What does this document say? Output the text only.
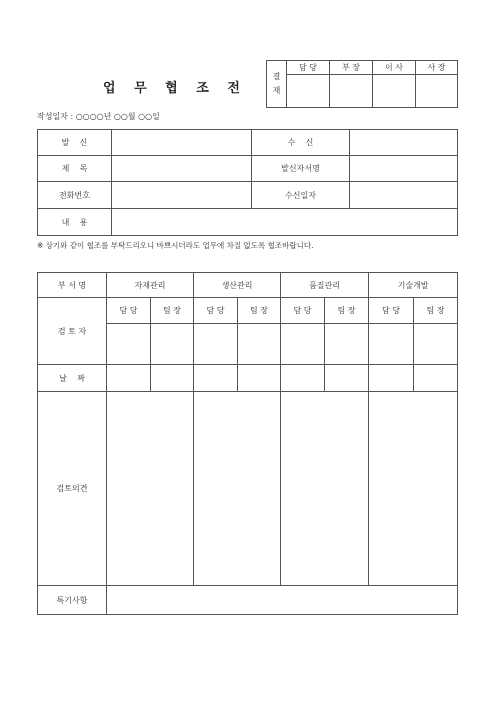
업 무 협 조 전
결
재	담 당	부 장	이 사	사 장

작성일자 : ○○○○년 ○○월 ○○일
발    신		수    신	
제    목		발신자서명	
전화번호		수신일자	
내    용			
※ 상기와 같이 협조를 부탁드리오니 바쁘시더라도 업무에 차질 없도록 협조바랍니다.
부 서 명	자재관리		생산관리		품질관리		기술개발	
검 토 자	담 당	팀 장	담 당	팀 장	담 당	팀 장	담 당	팀 장

날    짜								
검토의견								
특기사항								
